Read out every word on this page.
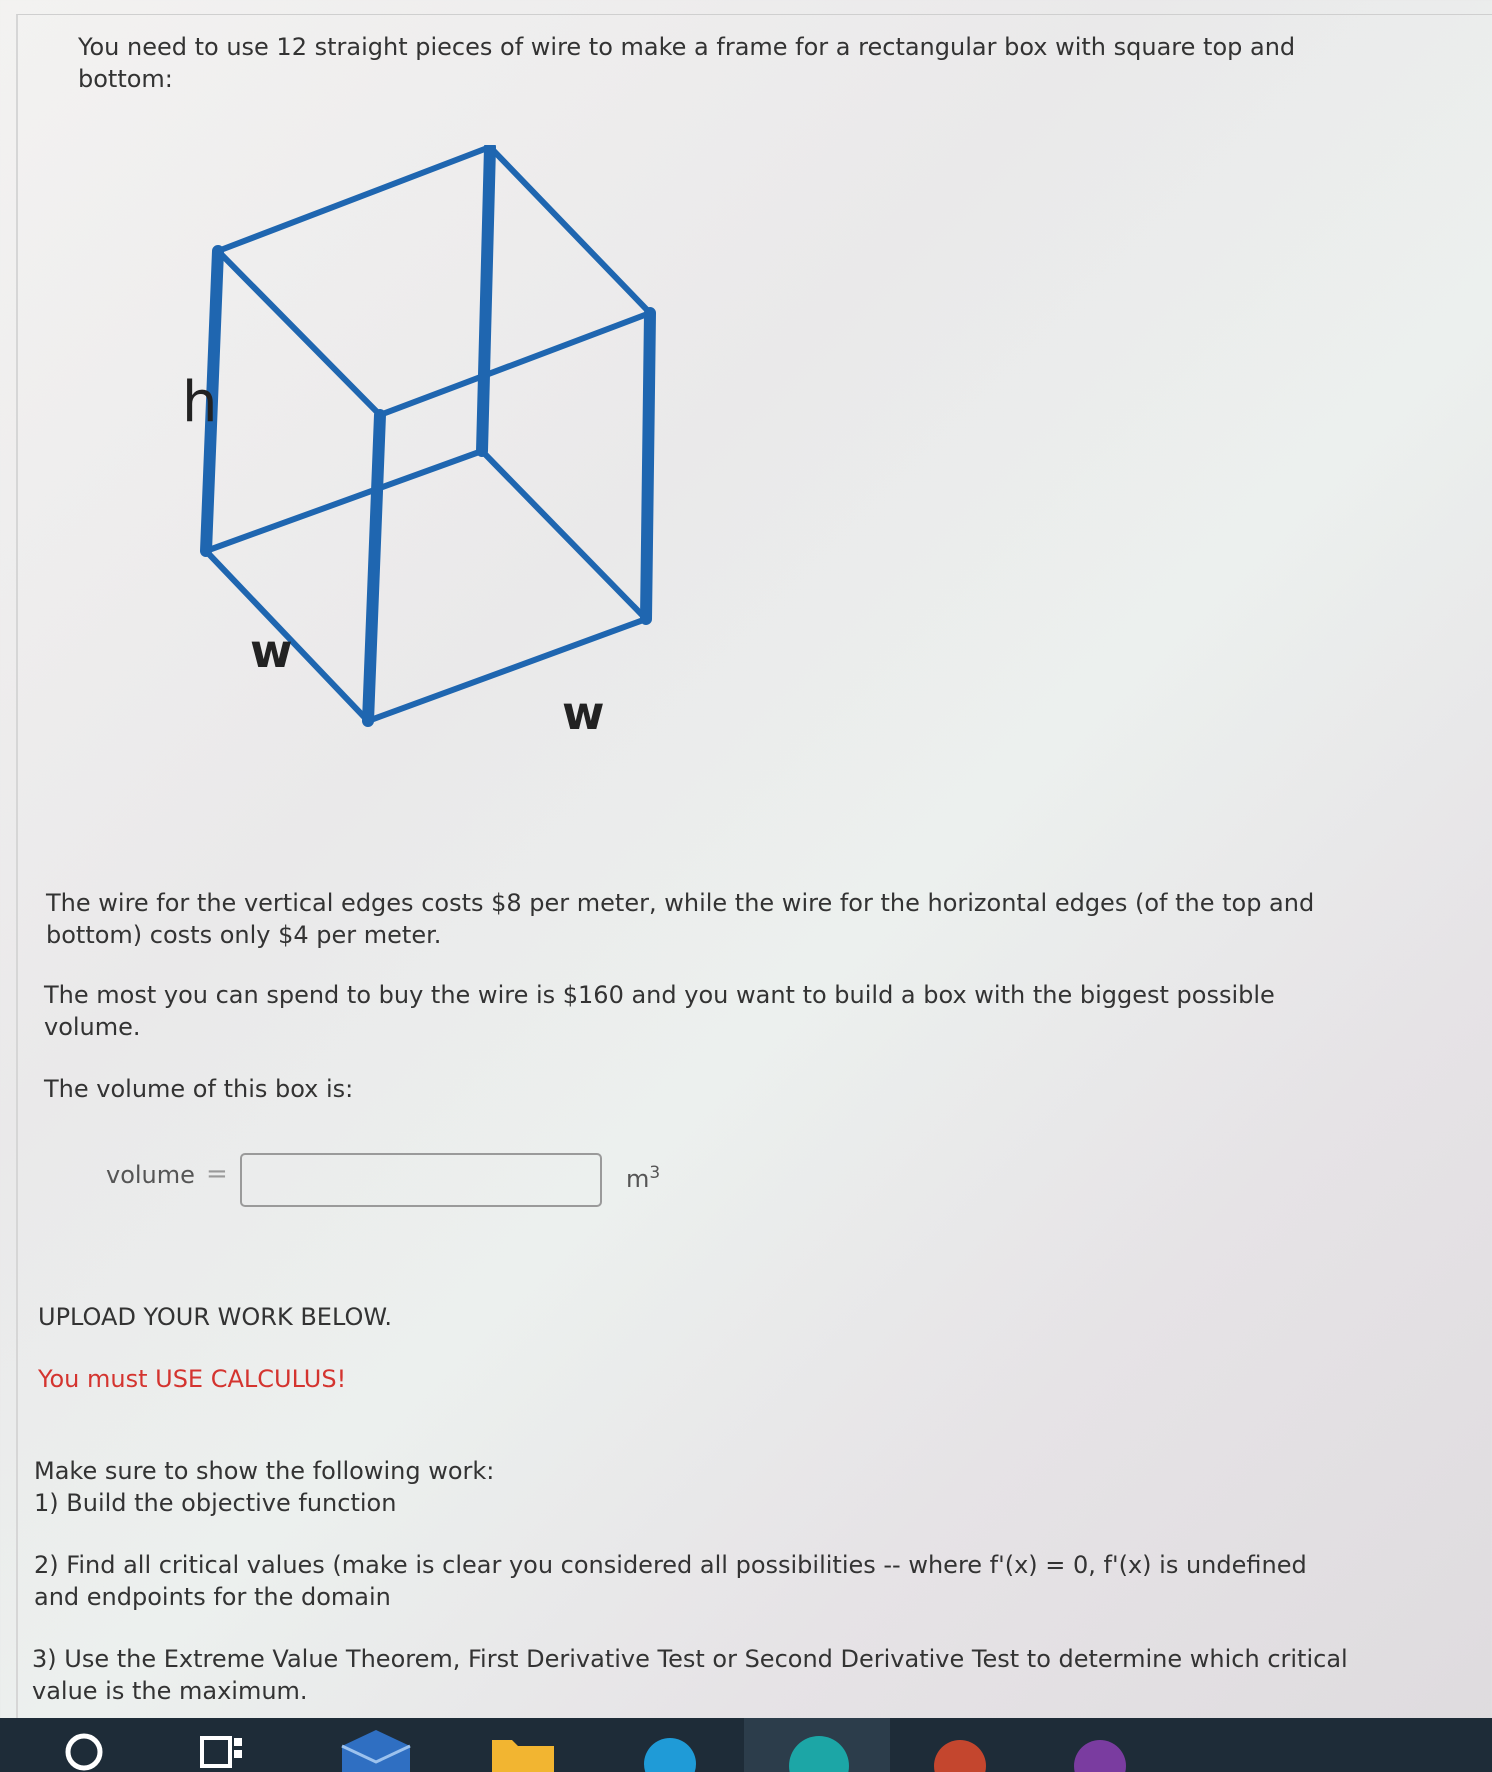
You need to use 12 straight pieces of wire to make a frame for a rectangular box with square top and bottom:

h
w
w

The wire for the vertical edges costs $8 per meter, while the wire for the horizontal edges (of the top and bottom) costs only $4 per meter.

The most you can spend to buy the wire is $160 and you want to build a box with the biggest possible volume.

The volume of this box is:

volume =	$m^3$

UPLOAD YOUR WORK BELOW.

You must USE CALCULUS!

Make sure to show the following work:
1) Build the objective function

2) Find all critical values (make is clear you considered all possibilities -- where f'(x) = 0, f'(x) is undefined and endpoints for the domain

3) Use the Extreme Value Theorem, First Derivative Test or Second Derivative Test to determine which critical value is the maximum.
